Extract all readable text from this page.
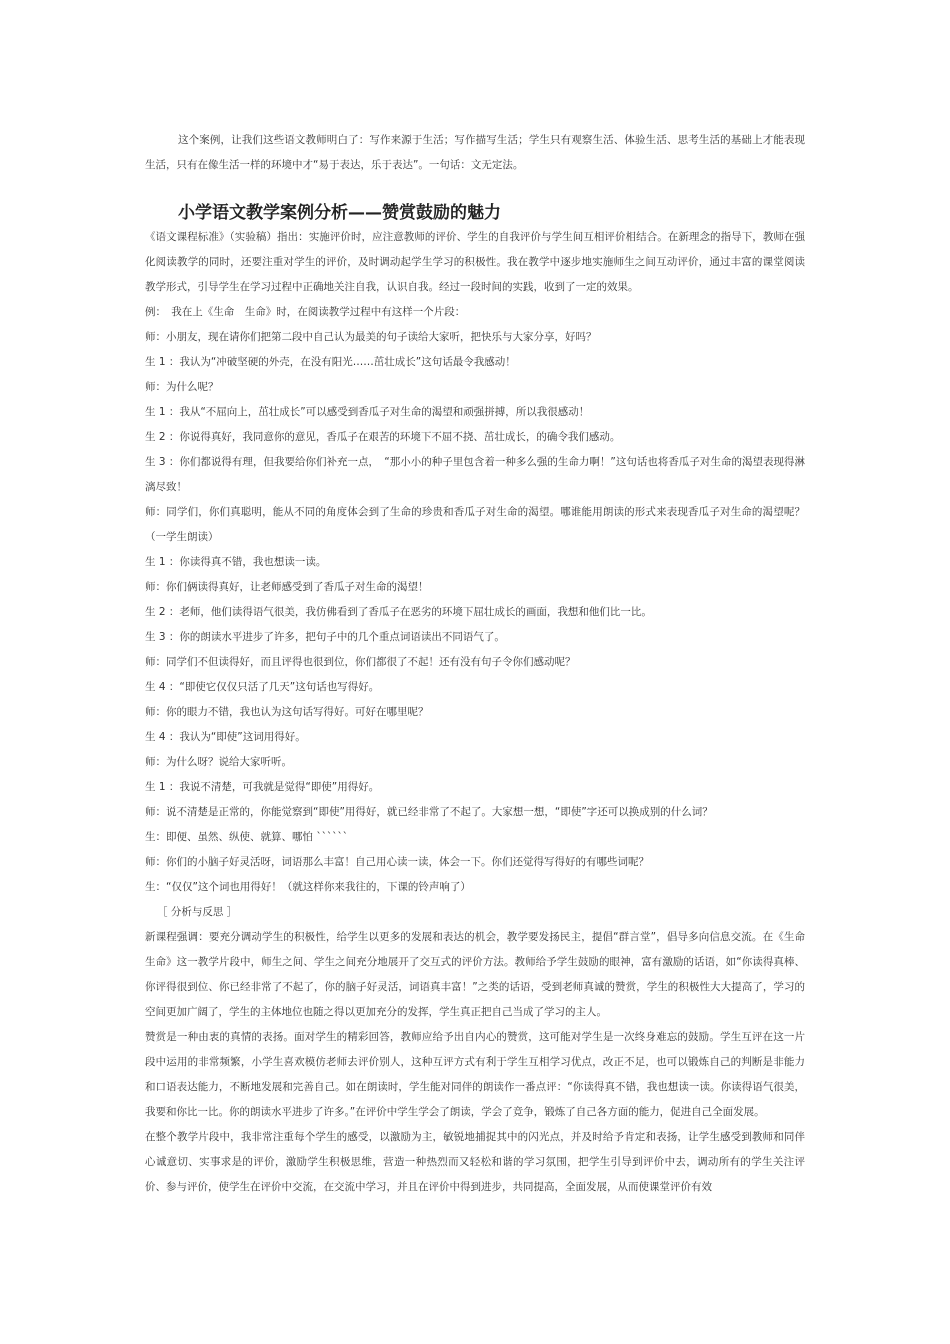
这个案例，让我们这些语文教师明白了：写作来源于生活；写作描写生活；学生只有观察生活、体验生活、思考生活的基础上才能表现生活，只有在像生活一样的环境中才“易于表达，乐于表达”。一句话：文无定法。

小学语文教学案例分析——赞赏鼓励的魅力

《语文课程标准》（实验稿）指出：实施评价时，应注意教师的评价、学生的自我评价与学生间互相评价相结合。在新理念的指导下，教师在强化阅读教学的同时，还要注重对学生的评价，及时调动起学生学习的积极性。我在教学中逐步地实施师生之间互动评价，通过丰富的课堂阅读教学形式，引导学生在学习过程中正确地关注自我，认识自我。经过一段时间的实践，收到了一定的效果。

例：　我在上《生命　生命》时，在阅读教学过程中有这样一个片段：

师：小朋友，现在请你们把第二段中自己认为最美的句子读给大家听，把快乐与大家分享，好吗？

生 1 ：我认为“冲破坚硬的外壳，在没有阳光……茁壮成长”这句话最令我感动！

师：为什么呢？

生 1 ：我从“不屈向上，茁壮成长”可以感受到香瓜子对生命的渴望和顽强拼搏，所以我很感动！

生 2 ：你说得真好，我同意你的意见，香瓜子在艰苦的环境下不屈不挠、茁壮成长，的确令我们感动。

生 3 ：你们都说得有理，但我要给你们补充一点，　“那小小的种子里包含着一种多么强的生命力啊！”这句话也将香瓜子对生命的渴望表现得淋漓尽致！

师：同学们，你们真聪明，能从不同的角度体会到了生命的珍贵和香瓜子对生命的渴望。哪谁能用朗读的形式来表现香瓜子对生命的渴望呢？（一学生朗读）

生 1 ：你读得真不错，我也想读一读。

师：你们俩读得真好，让老师感受到了香瓜子对生命的渴望！

生 2 ：老师，他们读得语气很美，我仿佛看到了香瓜子在恶劣的环境下屈壮成长的画面，我想和他们比一比。

生 3 ：你的朗读水平进步了许多，把句子中的几个重点词语读出不同语气了。

师：同学们不但读得好，而且评得也很到位，你们都很了不起！还有没有句子令你们感动呢？

生 4 ：“即使它仅仅只活了几天”这句话也写得好。

师：你的眼力不错，我也认为这句话写得好。可好在哪里呢？

生 4 ：我认为“即使”这词用得好。

师：为什么呀？说给大家听听。

生 1 ：我说不清楚，可我就是觉得“即使”用得好。

师：说不清楚是正常的，你能觉察到“即使”用得好，就已经非常了不起了。大家想一想，“即使”字还可以换成别的什么词？

生：即便、虽然、纵使、就算、哪怕 ˋˋˋˋˋˋ

师：你们的小脑子好灵活呀，词语那么丰富！自己用心读一读，体会一下。你们还觉得写得好的有哪些词呢？

生：“仅仅”这个词也用得好！（就这样你来我往的，下课的铃声响了）

［ 分析与反思 ］

新课程强调：要充分调动学生的积极性，给学生以更多的发展和表达的机会，教学要发扬民主，提倡“群言堂”，倡导多向信息交流。在《生命生命》这一教学片段中，师生之间、学生之间充分地展开了交互式的评价方法。教师给予学生鼓励的眼神，富有激励的话语，如“你读得真棒、你评得很到位、你已经非常了不起了，你的脑子好灵活，词语真丰富！”之类的话语，受到老师真诚的赞赏，学生的积极性大大提高了，学习的空间更加广阔了，学生的主体地位也随之得以更加充分的发挥，学生真正把自己当成了学习的主人。

赞赏是一种由衷的真情的表扬。面对学生的精彩回答，教师应给予出自内心的赞赏，这可能对学生是一次终身难忘的鼓励。学生互评在这一片段中运用的非常频繁，小学生喜欢模仿老师去评价别人，这种互评方式有利于学生互相学习优点，改正不足，也可以锻炼自己的判断是非能力和口语表达能力，不断地发展和完善自己。如在朗读时，学生能对同伴的朗读作一番点评：“你读得真不错，我也想读一读。你读得语气很美，我要和你比一比。你的朗读水平进步了许多。”在评价中学生学会了朗读，学会了竞争，锻炼了自己各方面的能力，促进自己全面发展。

在整个教学片段中，我非常注重每个学生的感受，以激励为主，敏锐地捕捉其中的闪光点，并及时给予肯定和表扬，让学生感受到教师和同伴心诚意切、实事求是的评价，激励学生积极思维，营造一种热烈而又轻松和谐的学习氛围，把学生引导到评价中去，调动所有的学生关注评价、参与评价，使学生在评价中交流，在交流中学习，并且在评价中得到进步，共同提高，全面发展，从而使课堂评价有效
